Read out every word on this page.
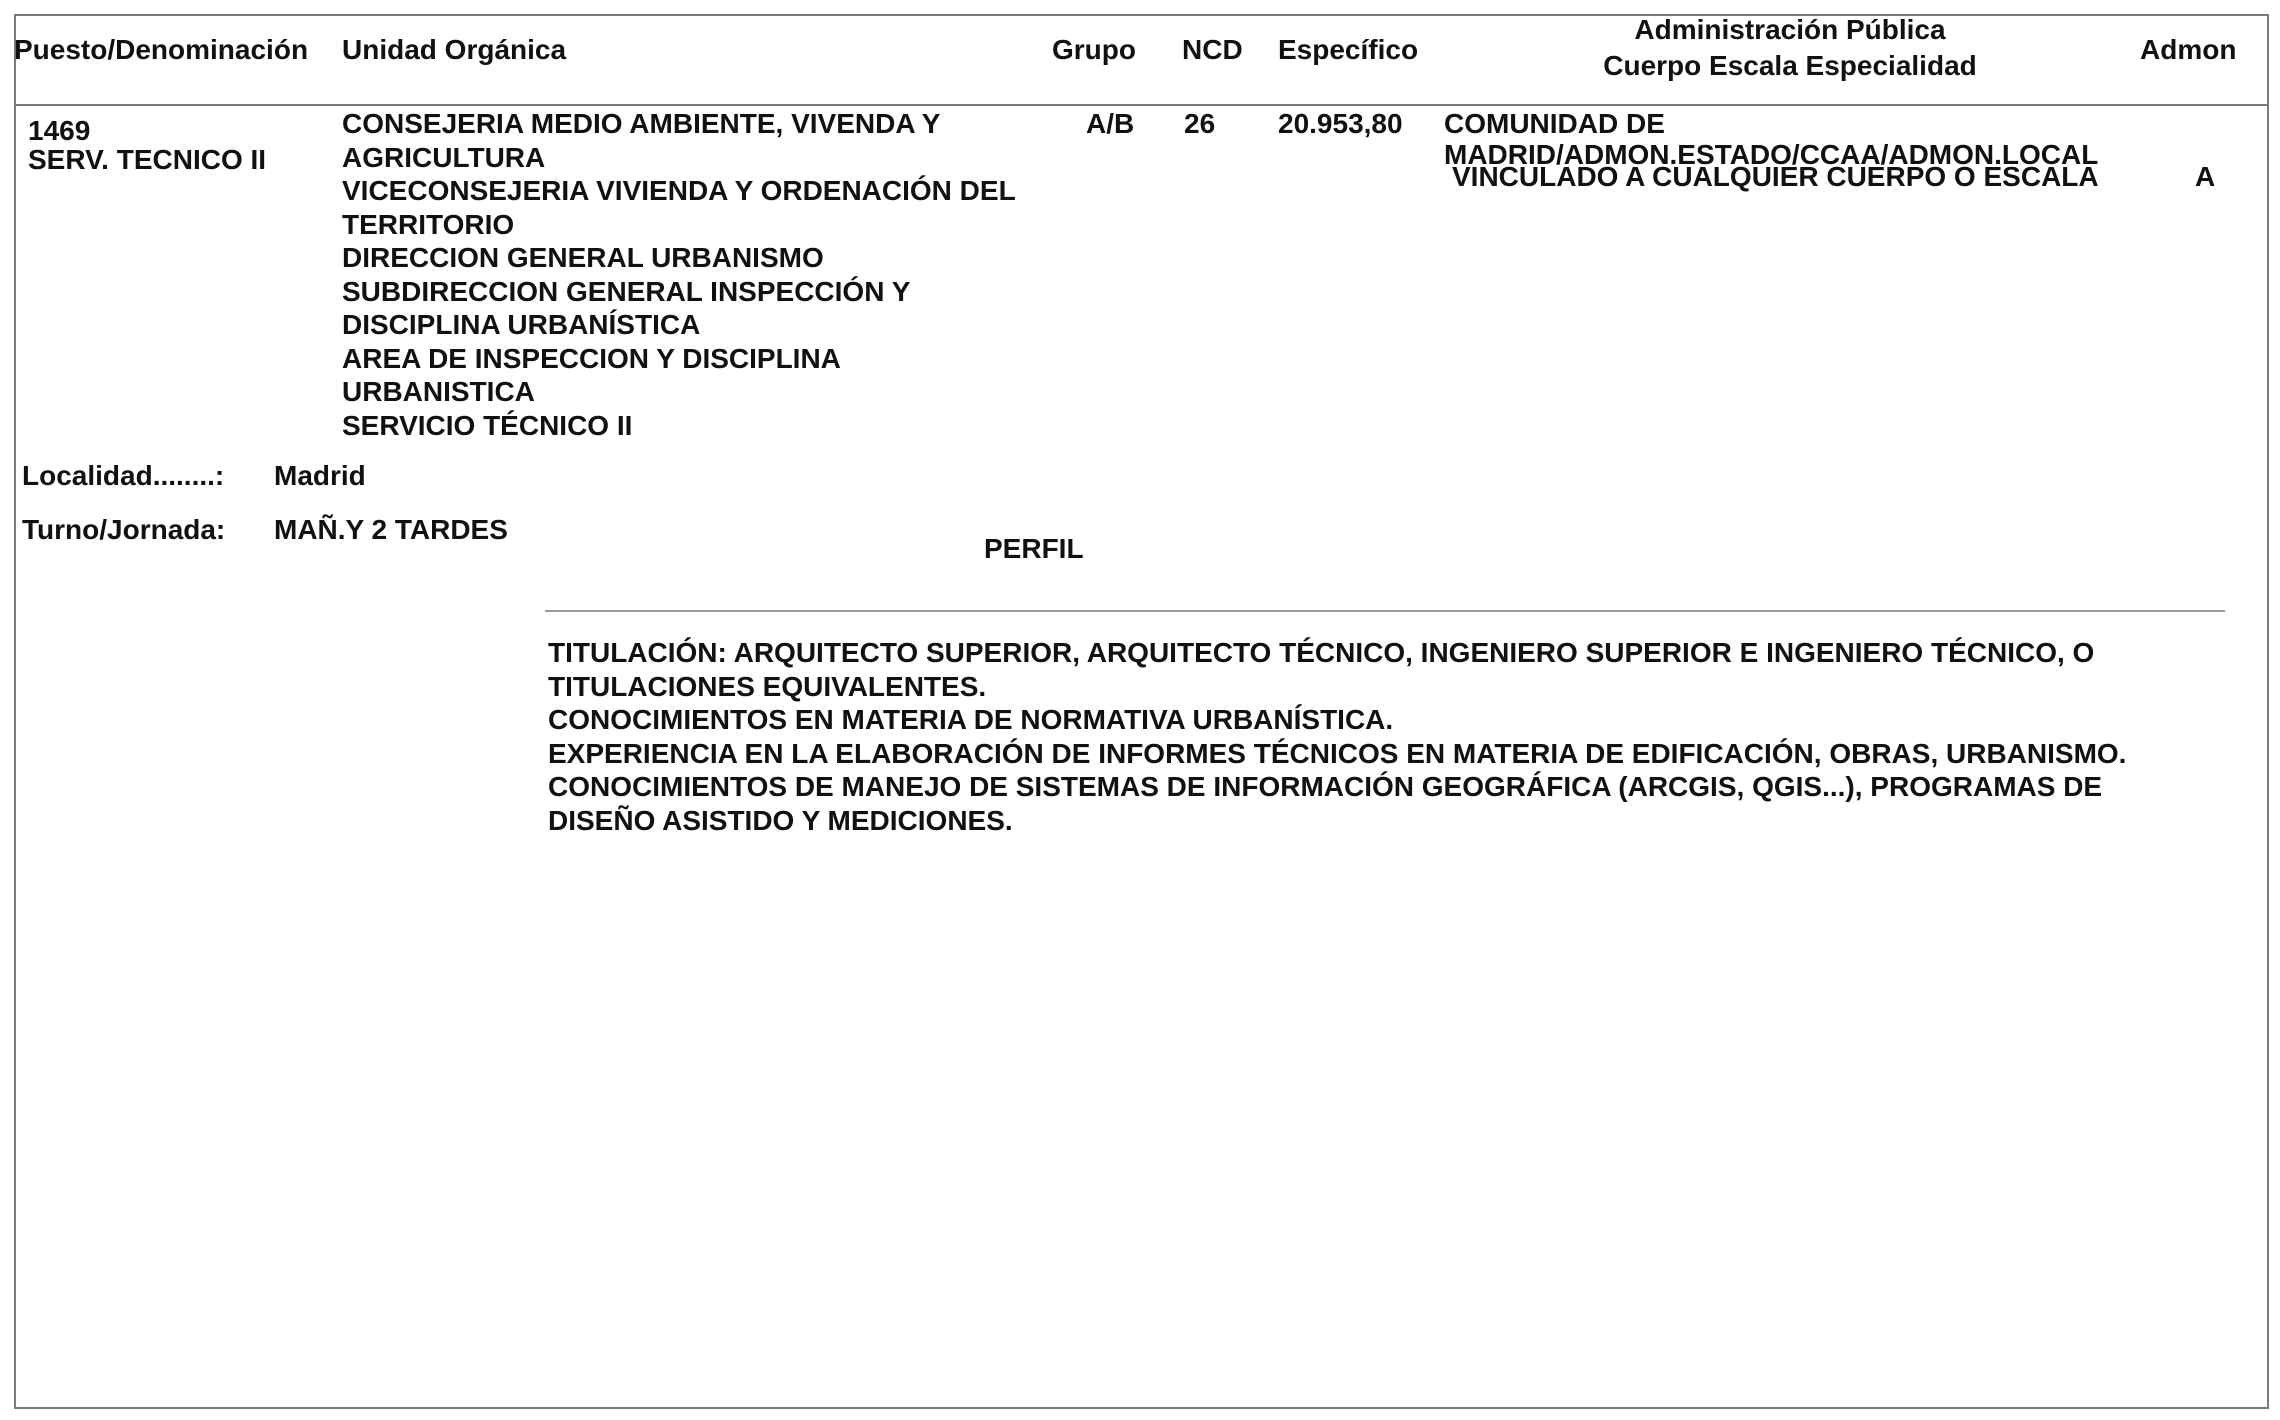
Puesto/Denominación Unidad Orgánica	Grupo NCD Específico
Administración Pública
Cuerpo Escala Especialidad
Admon
1469
SERV. TECNICO II
CONSEJERIA MEDIO AMBIENTE, VIVENDA Y
AGRICULTURA
VICECONSEJERIA VIVIENDA Y ORDENACIÓN DEL
TERRITORIO
DIRECCION GENERAL URBANISMO
SUBDIRECCION GENERAL INSPECCIÓN Y
DISCIPLINA URBANÍSTICA
AREA DE INSPECCION Y DISCIPLINA
URBANISTICA
SERVICIO TÉCNICO II
A/B 26 20.953,80 COMUNIDAD DE
MADRID/ADMON.ESTADO/CCAA/ADMON.LOCAL
VINCULADO A CUALQUIER CUERPO O ESCALA	A
Localidad........: Madrid
Turno/Jornada: MAÑ.Y 2 TARDES
PERFIL
TITULACIÓN: ARQUITECTO SUPERIOR, ARQUITECTO TÉCNICO, INGENIERO SUPERIOR E INGENIERO TÉCNICO, O
TITULACIONES EQUIVALENTES.
CONOCIMIENTOS EN MATERIA DE NORMATIVA URBANÍSTICA.
EXPERIENCIA EN LA ELABORACIÓN DE INFORMES TÉCNICOS EN MATERIA DE EDIFICACIÓN, OBRAS, URBANISMO.
CONOCIMIENTOS DE MANEJO DE SISTEMAS DE INFORMACIÓN GEOGRÁFICA (ARCGIS, QGIS...), PROGRAMAS DE
DISEÑO ASISTIDO Y MEDICIONES.
